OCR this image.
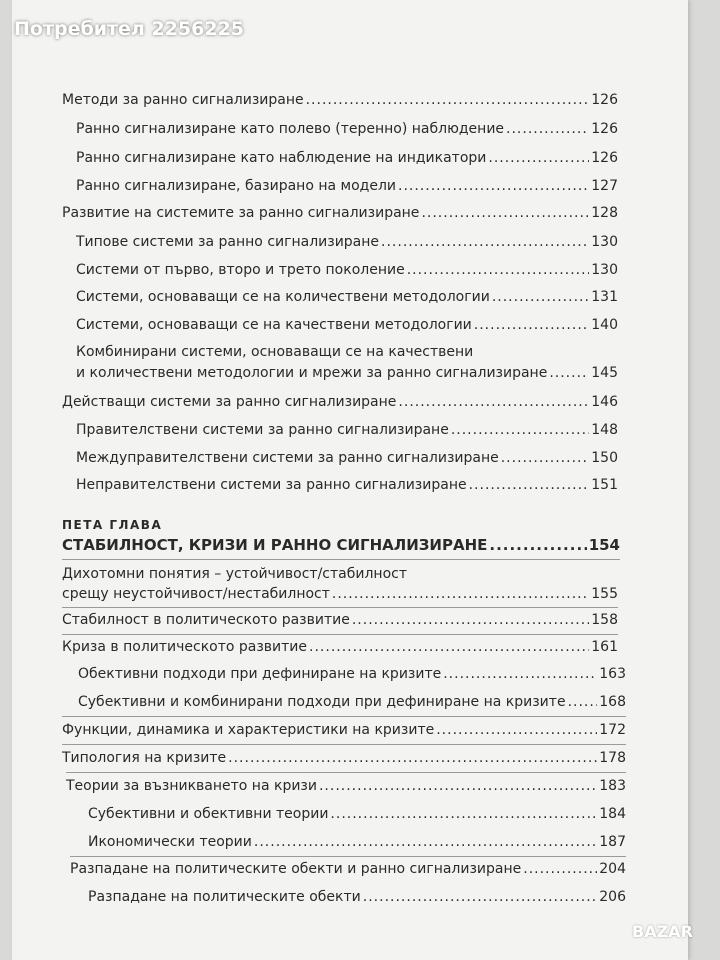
Потребител 2256225
Методи за ранно сигнализиране .....	126
Ранно сигнализиране като полево (теренно) наблюдение .....	126
Ранно сигнализиране като наблюдение на индикатори .....	126
Ранно сигнализиране, базирано на модели .....	127
Развитие на системите за ранно сигнализиране .....	128
Типове системи за ранно сигнализиране .....	130
Системи от първо, второ и трето поколение .....	130
Системи, основаващи се на количествени методологии .....	131
Системи, основаващи се на качествени методологии .....	140
Комбинирани системи, основаващи се на качествени
и количествени методологии и мрежи за ранно сигнализиране .....	145
Действащи системи за ранно сигнализиране .....	146
Правителствени системи за ранно сигнализиране .....	148
Междуправителствени системи за ранно сигнализиране .....	150
Неправителствени системи за ранно сигнализиране .....	151
ПЕТА ГЛАВА
СТАБИЛНОСТ, КРИЗИ И РАННО СИГНАЛИЗИРАНЕ .....	154
Дихотомни понятия – устойчивост/стабилност
срещу неустойчивост/нестабилност .....	155
Стабилност в политическото развитие .....	158
Криза в политическото развитие .....	161
Обективни подходи при дефиниране на кризите .....	163
Субективни и комбинирани подходи при дефиниране на кризите ..... 168
Функции, динамика и характеристики на кризите .....	172
Типология на кризите .....	178
Теории за възникването на кризи .....	183
Субективни и обективни теории .....	184
Икономически теории .....	187
Разпадане на политическите обекти и ранно сигнализиране .....	204
Разпадане на политическите обекти .....	206
BAZAR
